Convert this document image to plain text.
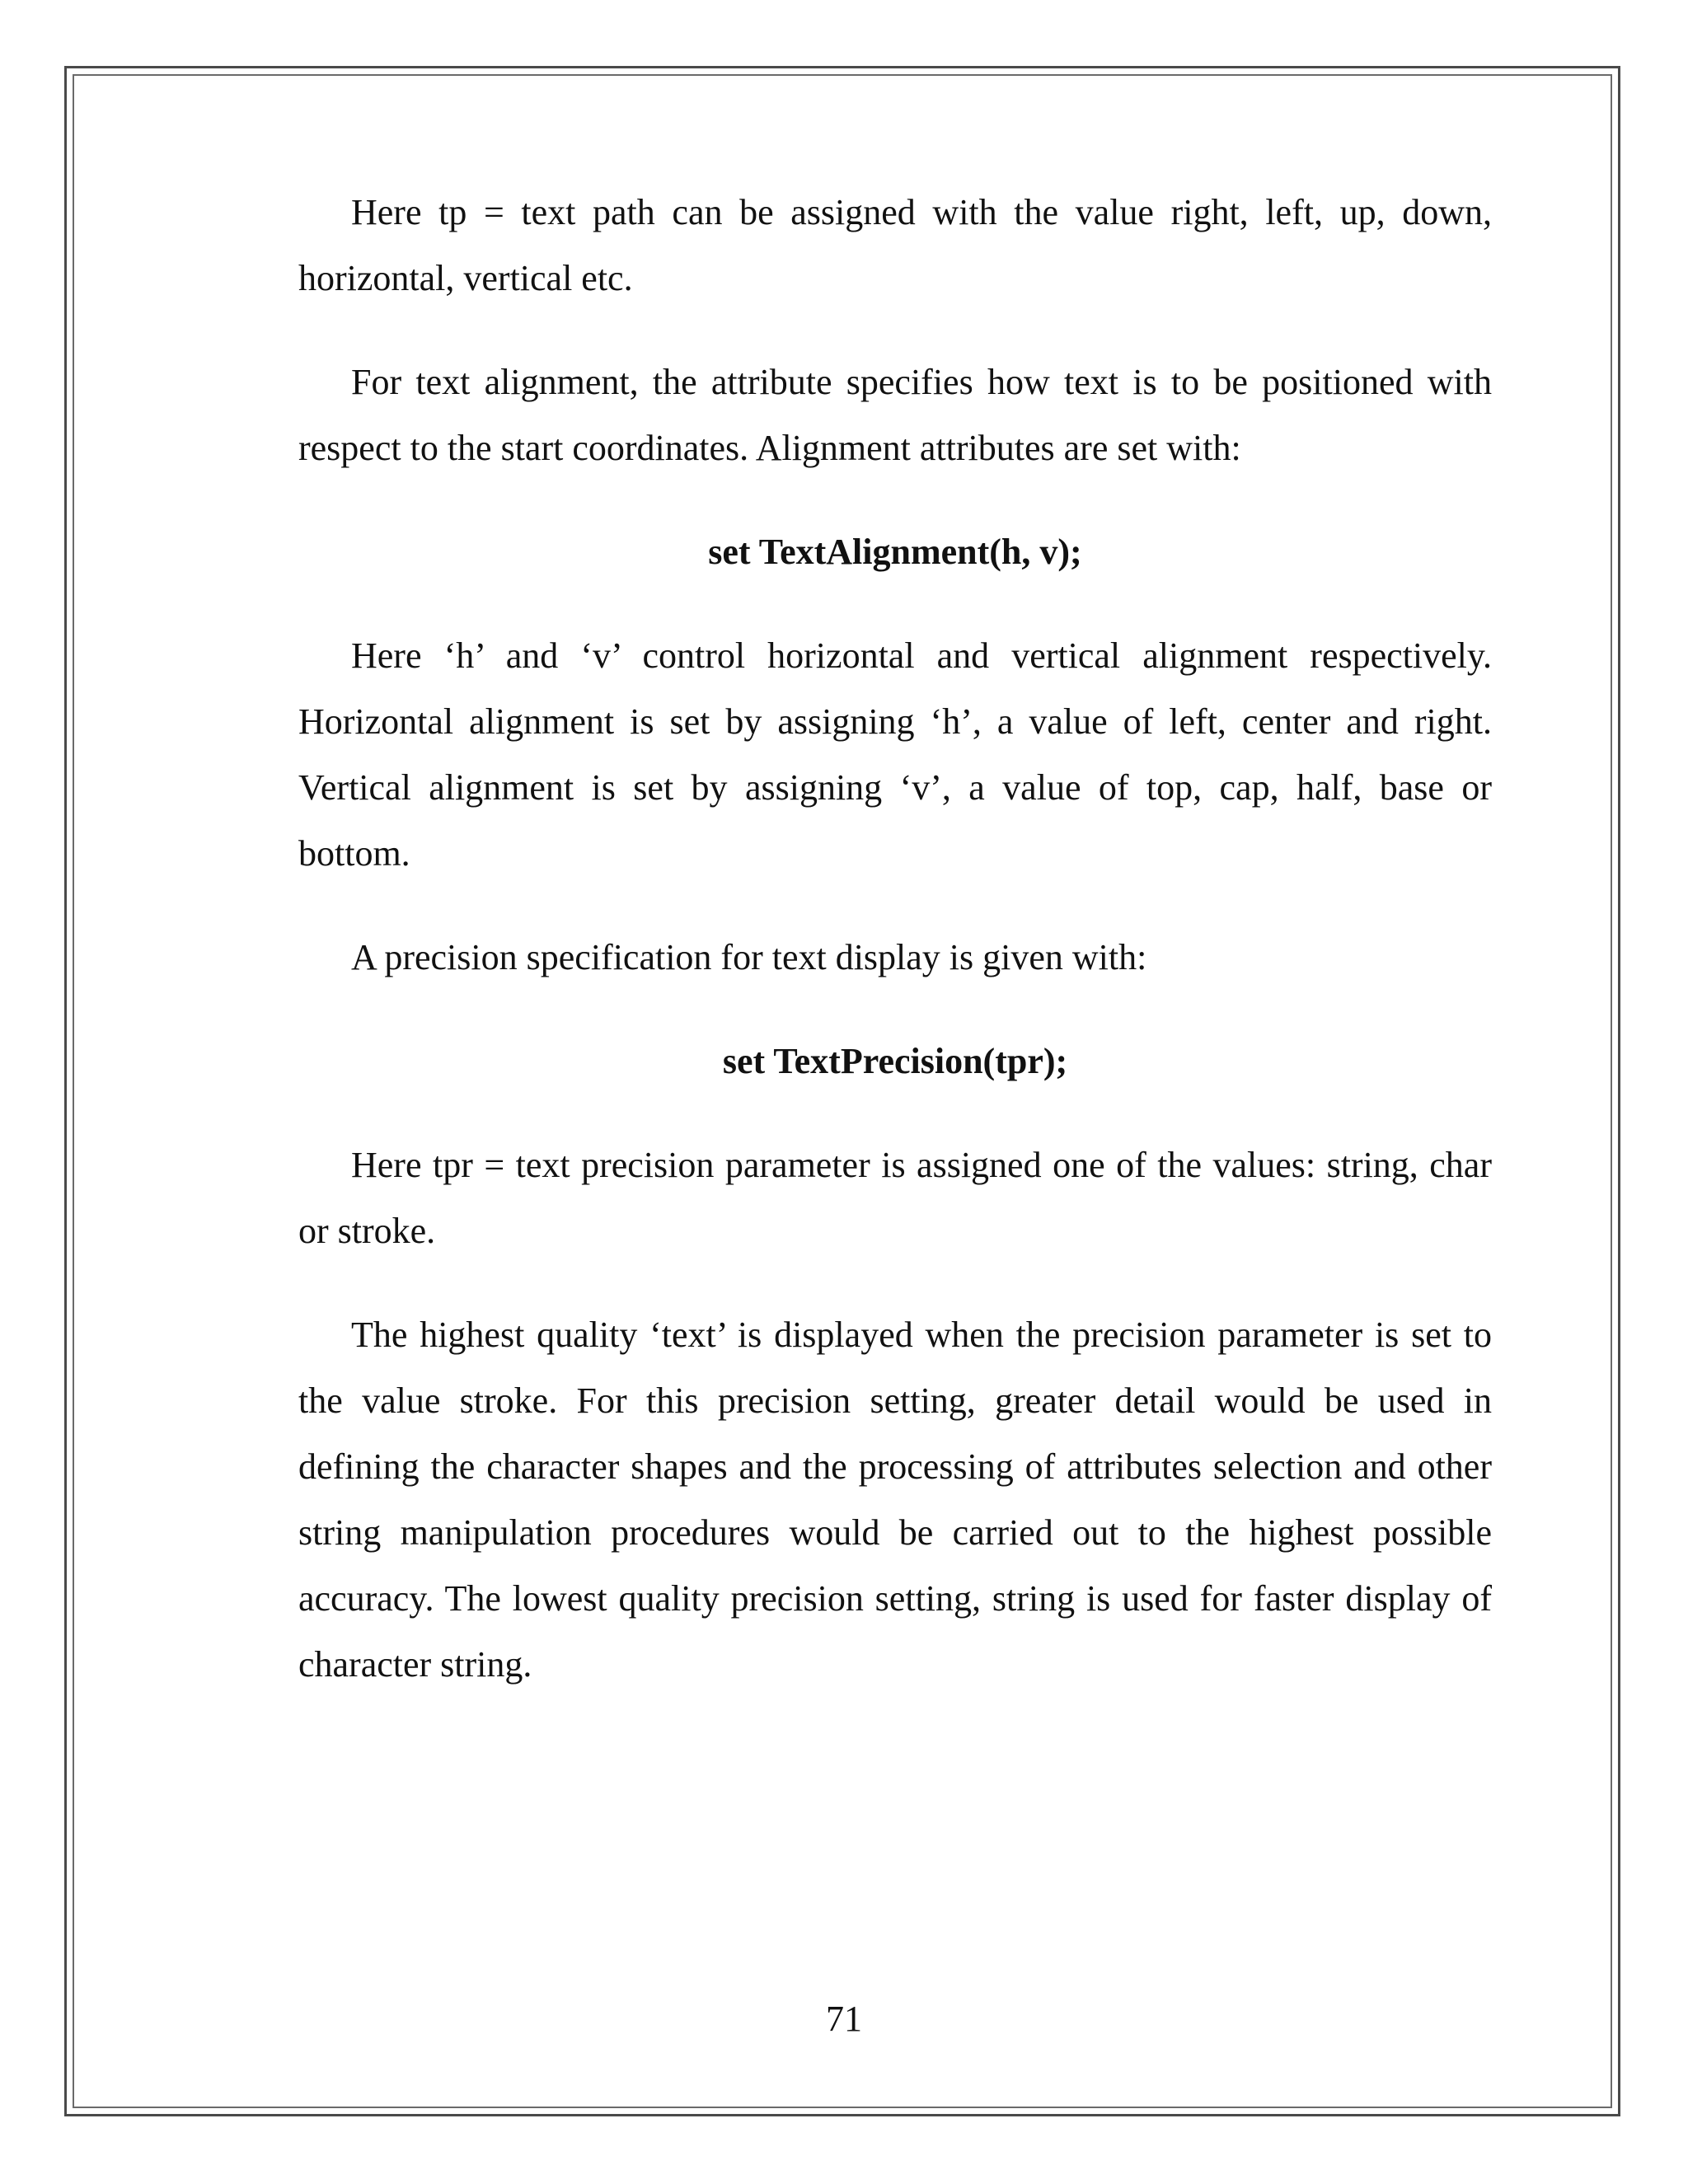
Here tp = text path can be assigned with the value right, left, up, down, horizontal, vertical etc.

For text alignment, the attribute specifies how text is to be positioned with respect to the start coordinates. Alignment attributes are set with:

set TextAlignment(h, v);

Here ‘h’ and ‘v’ control horizontal and vertical alignment respectively. Horizontal alignment is set by assigning ‘h’, a value of left, center and right. Vertical alignment is set by assigning ‘v’, a value of top, cap, half, base or bottom.

A precision specification for text display is given with:

set TextPrecision(tpr);

Here tpr = text precision parameter is assigned one of the values: string, char or stroke.

The highest quality ‘text’ is displayed when the precision parameter is set to the value stroke. For this precision setting, greater detail would be used in defining the character shapes and the processing of attributes selection and other string manipulation procedures would be carried out to the highest possible accuracy. The lowest quality precision setting, string is used for faster display of character string.

71
